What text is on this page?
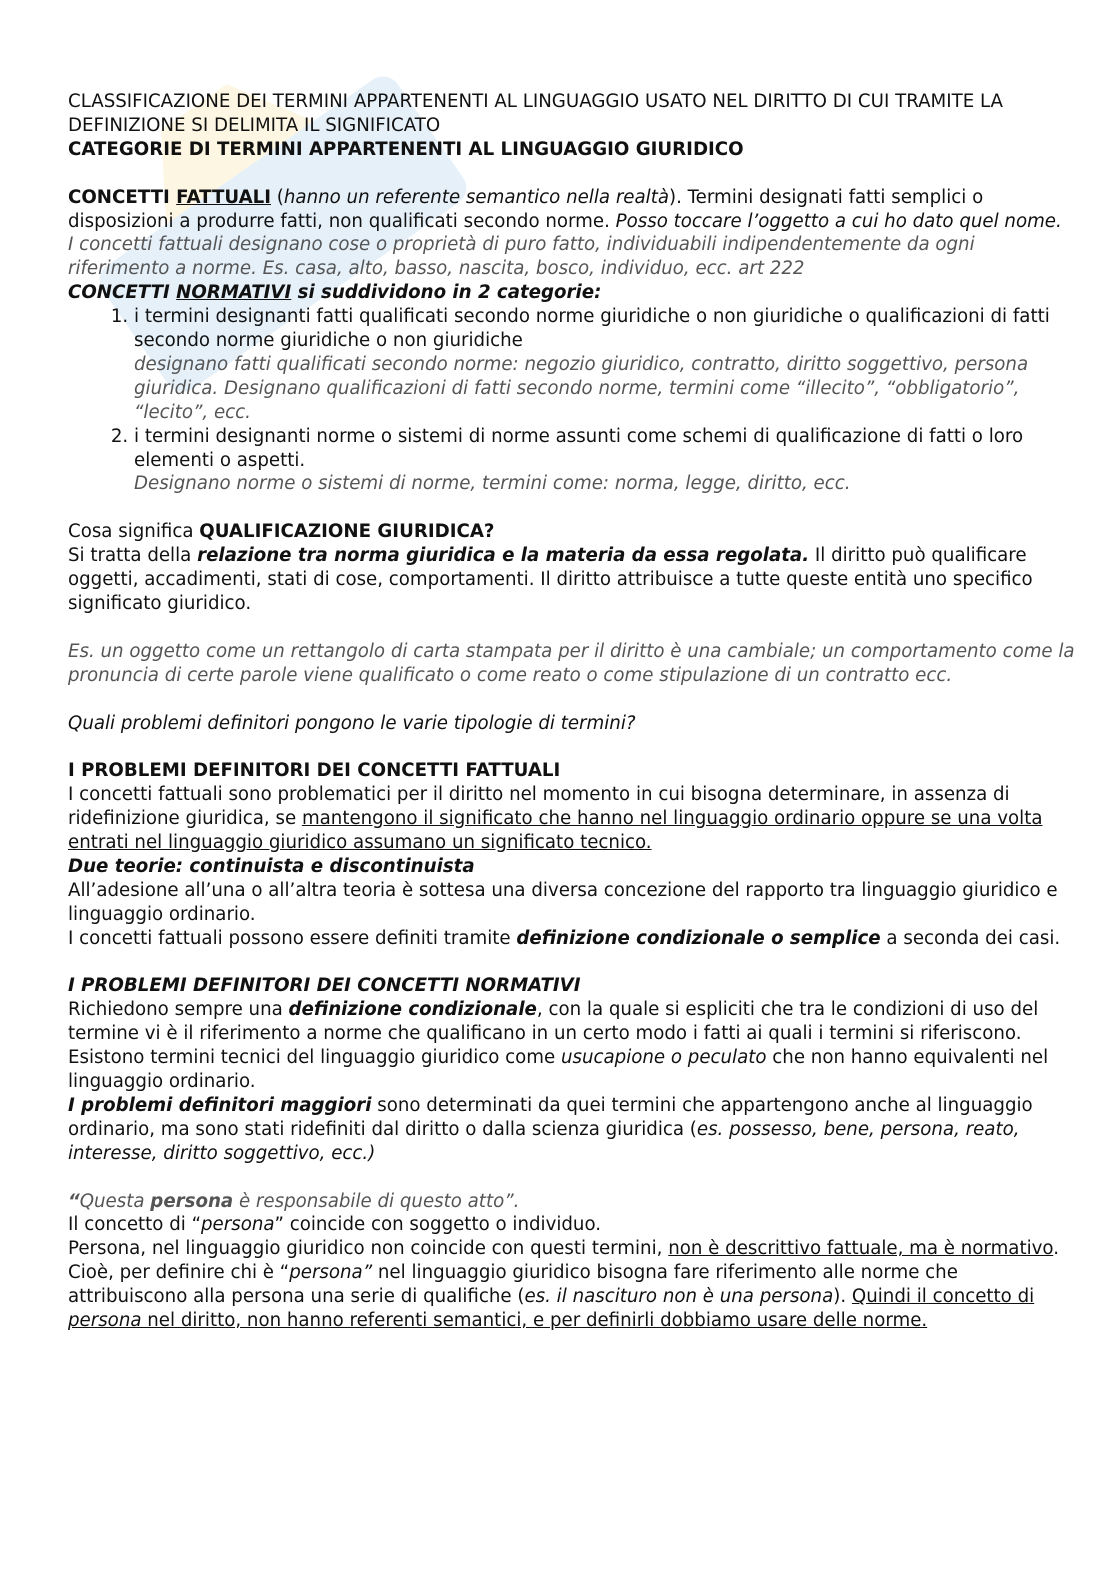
CLASSIFICAZIONE DEI TERMINI APPARTENENTI AL LINGUAGGIO USATO NEL DIRITTO DI CUI TRAMITE LA DEFINIZIONE SI DELIMITA IL SIGNIFICATO

CATEGORIE DI TERMINI APPARTENENTI AL LINGUAGGIO GIURIDICO

CONCETTI FATTUALI (hanno un referente semantico nella realtà). Termini designati fatti semplici o disposizioni a produrre fatti, non qualificati secondo norme. Posso toccare l’oggetto a cui ho dato quel nome.

I concetti fattuali designano cose o proprietà di puro fatto, individuabili indipendentemente da ogni riferimento a norme. Es. casa, alto, basso, nascita, bosco, individuo, ecc. art 222

CONCETTI NORMATIVI si suddividono in 2 categorie:

1. i termini designanti fatti qualificati secondo norme giuridiche o non giuridiche o qualificazioni di fatti secondo norme giuridiche o non giuridiche
designano fatti qualificati secondo norme: negozio giuridico, contratto, diritto soggettivo, persona giuridica. Designano qualificazioni di fatti secondo norme, termini come “illecito”, “obbligatorio”, “lecito”, ecc.
2. i termini designanti norme o sistemi di norme assunti come schemi di qualificazione di fatti o loro elementi o aspetti.
Designano norme o sistemi di norme, termini come: norma, legge, diritto, ecc.

Cosa significa QUALIFICAZIONE GIURIDICA?

Si tratta della relazione tra norma giuridica e la materia da essa regolata. Il diritto può qualificare oggetti, accadimenti, stati di cose, comportamenti. Il diritto attribuisce a tutte queste entità uno specifico significato giuridico.

Es. un oggetto come un rettangolo di carta stampata per il diritto è una cambiale; un comportamento come la pronuncia di certe parole viene qualificato o come reato o come stipulazione di un contratto ecc.

Quali problemi definitori pongono le varie tipologie di termini?

I PROBLEMI DEFINITORI DEI CONCETTI FATTUALI

I concetti fattuali sono problematici per il diritto nel momento in cui bisogna determinare, in assenza di ridefinizione giuridica, se mantengono il significato che hanno nel linguaggio ordinario oppure se una volta entrati nel linguaggio giuridico assumano un significato tecnico.

Due teorie: continuista e discontinuista

All’adesione all’una o all’altra teoria è sottesa una diversa concezione del rapporto tra linguaggio giuridico e linguaggio ordinario.

I concetti fattuali possono essere definiti tramite definizione condizionale o semplice a seconda dei casi.

I PROBLEMI DEFINITORI DEI CONCETTI NORMATIVI

Richiedono sempre una definizione condizionale, con la quale si espliciti che tra le condizioni di uso del termine vi è il riferimento a norme che qualificano in un certo modo i fatti ai quali i termini si riferiscono.

Esistono termini tecnici del linguaggio giuridico come usucapione o peculato che non hanno equivalenti nel linguaggio ordinario.

I problemi definitori maggiori sono determinati da quei termini che appartengono anche al linguaggio ordinario, ma sono stati ridefiniti dal diritto o dalla scienza giuridica (es. possesso, bene, persona, reato, interesse, diritto soggettivo, ecc.)

“Questa persona è responsabile di questo atto”.

Il concetto di “persona” coincide con soggetto o individuo.

Persona, nel linguaggio giuridico non coincide con questi termini, non è descrittivo fattuale, ma è normativo. Cioè, per definire chi è “persona” nel linguaggio giuridico bisogna fare riferimento alle norme che attribuiscono alla persona una serie di qualifiche (es. il nascituro non è una persona). Quindi il concetto di persona nel diritto, non hanno referenti semantici, e per definirli dobbiamo usare delle norme.
